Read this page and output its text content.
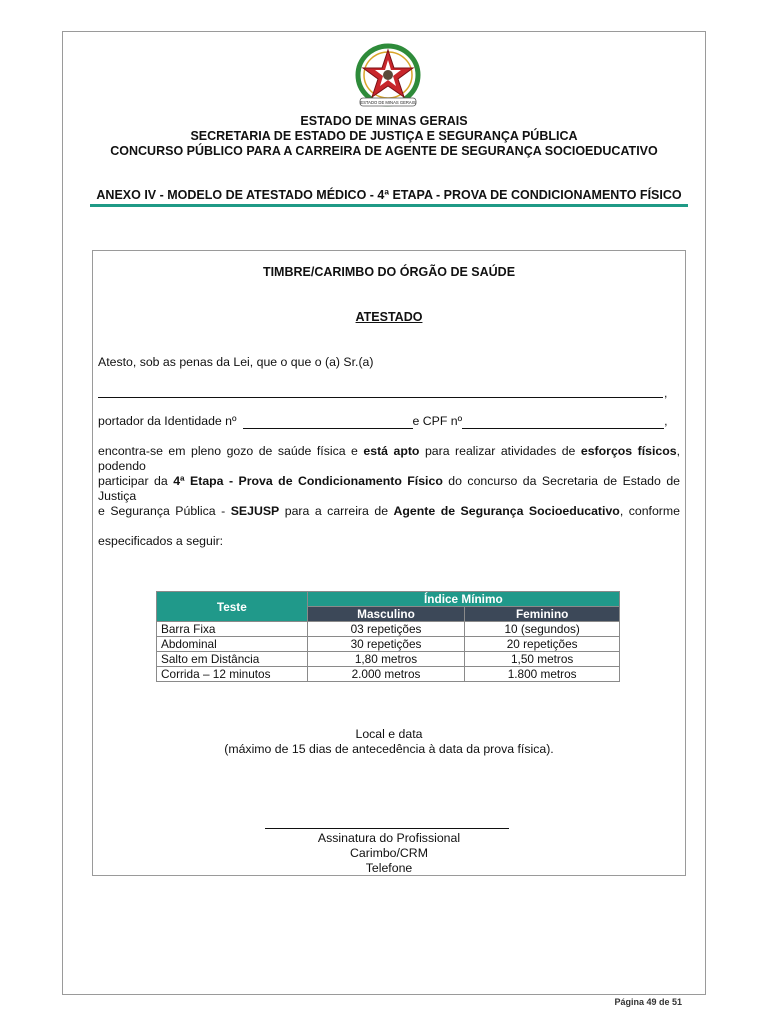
ESTADO DE MINAS GERAIS
ESTADO DE MINAS GERAIS
SECRETARIA DE ESTADO DE JUSTIÇA E SEGURANÇA PÚBLICA
CONCURSO PÚBLICO PARA A CARREIRA DE AGENTE DE SEGURANÇA SOCIOEDUCATIVO
ANEXO IV - MODELO DE ATESTADO MÉDICO - 4ª ETAPA - PROVA DE CONDICIONAMENTO FÍSICO
TIMBRE/CARIMBO DO ÓRGÃO DE SAÚDE
ATESTADO
Atesto, sob as penas da Lei, que o que o (a) Sr.(a)
,
portador da Identidade nº	e CPF nº	,
encontra-se em pleno gozo de saúde física e está apto para realizar atividades de esforços físicos, podendo
participar da 4ª Etapa - Prova de Condicionamento Físico do concurso da Secretaria de Estado de Justiça
e Segurança Pública - SEJUSP para a carreira de Agente de Segurança Socioeducativo, conforme
especificados a seguir:
Teste	Índice Mínimo	
	Masculino	Feminino
Barra Fixa	03 repetições	10 (segundos)
Abdominal	30 repetições	20 repetições
Salto em Distância	1,80 metros	1,50 metros
Corrida – 12 minutos	2.000 metros	1.800 metros
Local e data
(máximo de 15 dias de antecedência à data da prova física).
Assinatura do Profissional
Carimbo/CRM
Telefone
Página 49 de 51
